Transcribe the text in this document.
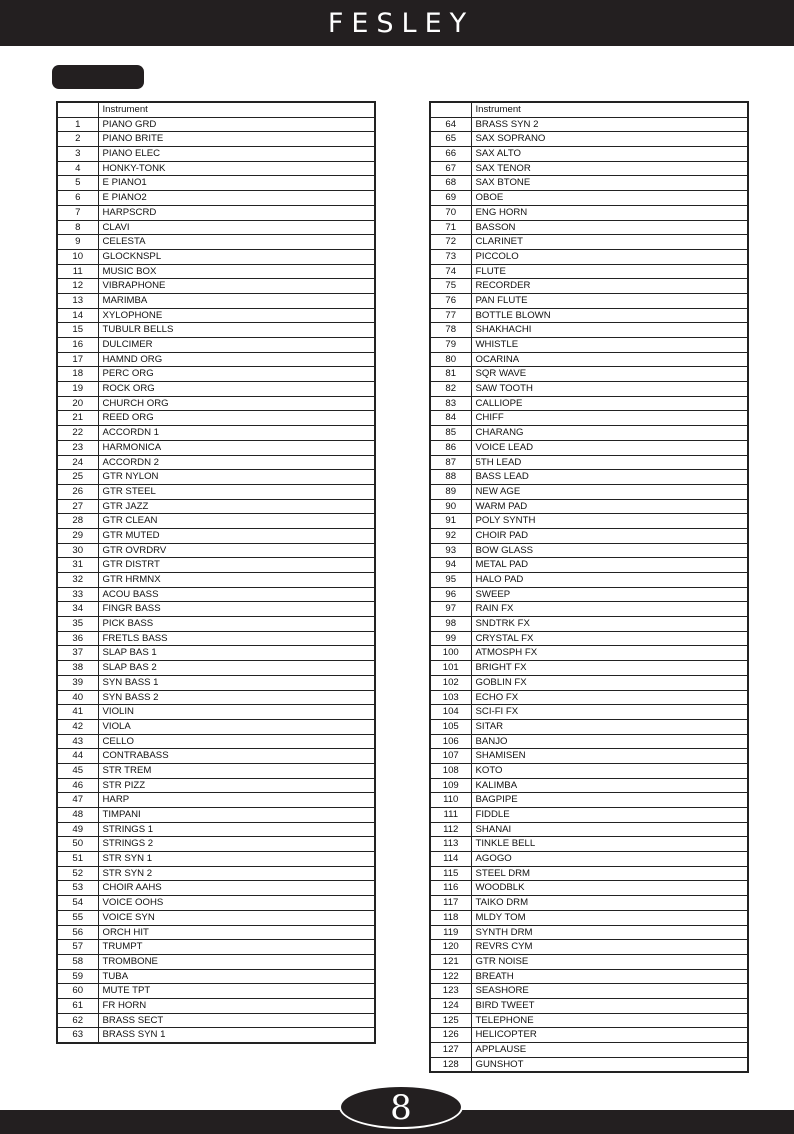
FESLEY
	Instrument
1	PIANO GRD
2	PIANO BRITE
3	PIANO ELEC
4	HONKY-TONK
5	E PIANO1
6	E PIANO2
7	HARPSCRD
8	CLAVI
9	CELESTA
10	GLOCKNSPL
11	MUSIC BOX
12	VIBRAPHONE
13	MARIMBA
14	XYLOPHONE
15	TUBULR BELLS
16	DULCIMER
17	HAMND ORG
18	PERC ORG
19	ROCK ORG
20	CHURCH ORG
21	REED ORG
22	ACCORDN 1
23	HARMONICA
24	ACCORDN 2
25	GTR NYLON
26	GTR STEEL
27	GTR JAZZ
28	GTR CLEAN
29	GTR MUTED
30	GTR OVRDRV
31	GTR DISTRT
32	GTR HRMNX
33	ACOU BASS
34	FINGR BASS
35	PICK BASS
36	FRETLS BASS
37	SLAP BAS 1
38	SLAP BAS 2
39	SYN BASS 1
40	SYN BASS 2
41	VIOLIN
42	VIOLA
43	CELLO
44	CONTRABASS
45	STR TREM
46	STR PIZZ
47	HARP
48	TIMPANI
49	STRINGS 1
50	STRINGS 2
51	STR SYN 1
52	STR SYN 2
53	CHOIR AAHS
54	VOICE OOHS
55	VOICE SYN
56	ORCH HIT
57	TRUMPT
58	TROMBONE
59	TUBA
60	MUTE TPT
61	FR HORN
62	BRASS SECT
63	BRASS SYN 1
	Instrument
64	BRASS SYN 2
65	SAX SOPRANO
66	SAX ALTO
67	SAX TENOR
68	SAX BTONE
69	OBOE
70	ENG HORN
71	BASSON
72	CLARINET
73	PICCOLO
74	FLUTE
75	RECORDER
76	PAN FLUTE
77	BOTTLE BLOWN
78	SHAKHACHI
79	WHISTLE
80	OCARINA
81	SQR WAVE
82	SAW TOOTH
83	CALLIOPE
84	CHIFF
85	CHARANG
86	VOICE LEAD
87	5TH LEAD
88	BASS LEAD
89	NEW AGE
90	WARM PAD
91	POLY SYNTH
92	CHOIR PAD
93	BOW GLASS
94	METAL PAD
95	HALO PAD
96	SWEEP
97	RAIN FX
98	SNDTRK FX
99	CRYSTAL FX
100	ATMOSPH FX
101	BRIGHT FX
102	GOBLIN FX
103	ECHO FX
104	SCI-FI FX
105	SITAR
106	BANJO
107	SHAMISEN
108	KOTO
109	KALIMBA
110	BAGPIPE
111	FIDDLE
112	SHANAI
113	TINKLE BELL
114	AGOGO
115	STEEL DRM
116	WOODBLK
117	TAIKO DRM
118	MLDY TOM
119	SYNTH DRM
120	REVRS CYM
121	GTR NOISE
122	BREATH
123	SEASHORE
124	BIRD TWEET
125	TELEPHONE
126	HELICOPTER
127	APPLAUSE
128	GUNSHOT
8
